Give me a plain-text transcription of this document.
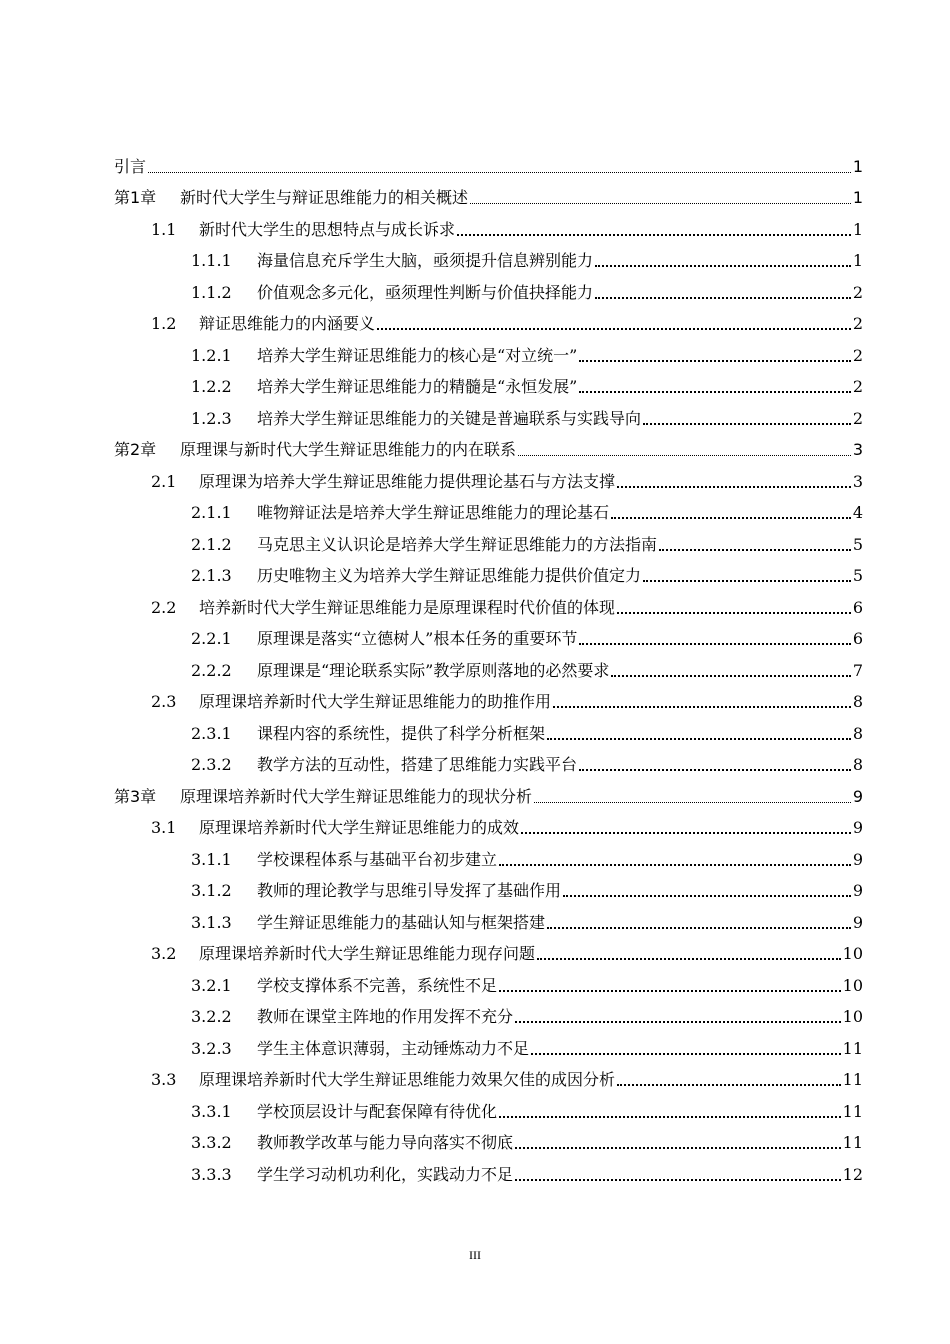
引言	1
第1章	新时代大学生与辩证思维能力的相关概述	1
1.1	新时代大学生的思想特点与成长诉求	1
1.1.1	海量信息充斥学生大脑，亟须提升信息辨别能力	1
1.1.2	价值观念多元化，亟须理性判断与价值抉择能力	2
1.2	辩证思维能力的内涵要义	2
1.2.1	培养大学生辩证思维能力的核心是“对立统一”	2
1.2.2	培养大学生辩证思维能力的精髓是“永恒发展”	2
1.2.3	培养大学生辩证思维能力的关键是普遍联系与实践导向	2
第2章	原理课与新时代大学生辩证思维能力的内在联系	3
2.1	原理课为培养大学生辩证思维能力提供理论基石与方法支撑	3
2.1.1	唯物辩证法是培养大学生辩证思维能力的理论基石	4
2.1.2	马克思主义认识论是培养大学生辩证思维能力的方法指南	5
2.1.3	历史唯物主义为培养大学生辩证思维能力提供价值定力	5
2.2	培养新时代大学生辩证思维能力是原理课程时代价值的体现	6
2.2.1	原理课是落实“立德树人”根本任务的重要环节	6
2.2.2	原理课是“理论联系实际”教学原则落地的必然要求	7
2.3	原理课培养新时代大学生辩证思维能力的助推作用	8
2.3.1	课程内容的系统性，提供了科学分析框架	8
2.3.2	教学方法的互动性，搭建了思维能力实践平台	8
第3章	原理课培养新时代大学生辩证思维能力的现状分析	9
3.1	原理课培养新时代大学生辩证思维能力的成效	9
3.1.1	学校课程体系与基础平台初步建立	9
3.1.2	教师的理论教学与思维引导发挥了基础作用	9
3.1.3	学生辩证思维能力的基础认知与框架搭建	9
3.2	原理课培养新时代大学生辩证思维能力现存问题	10
3.2.1	学校支撑体系不完善，系统性不足	10
3.2.2	教师在课堂主阵地的作用发挥不充分	10
3.2.3	学生主体意识薄弱，主动锤炼动力不足	11
3.3	原理课培养新时代大学生辩证思维能力效果欠佳的成因分析	11
3.3.1	学校顶层设计与配套保障有待优化	11
3.3.2	教师教学改革与能力导向落实不彻底	11
3.3.3	学生学习动机功利化，实践动力不足	12
III
